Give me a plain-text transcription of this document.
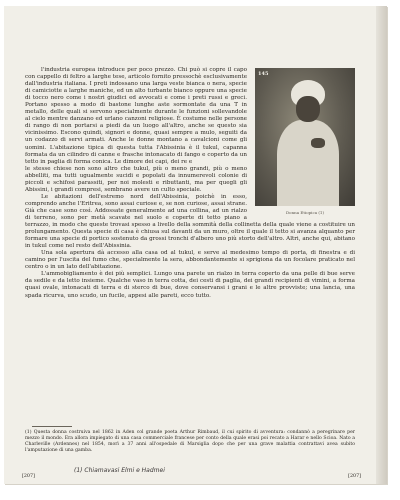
145
Donna Etiopica (1)

l'industria europea introduce per poco prezzo. Chi può si copre il capo con cappello di feltro a larghe tese, articolo fornito pressochè esclusivamente dall'industria italiana. I preti indossano una larga veste bianca o nera, specie di camiciotte a larghe maniche, ed un alto turbante bianco oppure una specie di tocco nero come i nostri giudici ed avvocati e come i preti russi e greci. Portano spesso a modo di bastone lunghe aste sormontate da una T in metallo, delle quali si servono specialmente durante le funzioni sollevandole al cielo mentre danzano ed urlano canzoni religiose. È costume nelle persone di rango di non portarsi a piedi da un luogo all'altro, anche se questo sia vicinissimo. Escono quindi, signori e donne, quasi sempre a mulo, seguiti da un codazzo di servi armati. Anche le donne montano a cavalcioni come gli uomini. L'abitazione tipica di questa tutta l'Abissinia è il tukul, capanna formata da un cilindro di canne e frasche intonacato di fango e coperto da un tetto in paglia di forma conica. Le dimore dei capi, dei re e

le stesse chiese non sono altro che tukul, più o meno grandi, più o meno abbelliti, ma tutti ugualmente sucidi e popolati da innumerevoli colonie di piccoli e schifosi parassiti, per noi molesti e ributtanti, ma per quegli gli Abissini, i grandi compresi, sembrano avere un culto speciale.

Le abitazioni dell'estremo nord dell'Abissinia, poichè in esso, comprendo anche l'Eritrea, sono assai curiose e, se non curiose, assai strane. Già che case sono così. Addossate generalmente ad una collina, ad un rialzo di terreno, sono per metà scavate nel suolo e coperte di tetto piano a terrazzo, in modo che queste trovasi spesso a livello della sommità della collinetta della quale viene a costituire un prolungamento. Questa specie di casa è chiusa sul davanti da un muro, oltre il quale il tetto si avanza alquanto per formare una specie di portico sostenuto da grossi tronchi d'albero uno più storto dell'altro. Altri, anche qui, abitano in tukul come nel resto dell'Abissinia.

Una sola apertura dà accesso alla casa od al tukul, e serve al medesimo tempo di porta, di finestra e di camino per l'uscita del fumo che, specialmente la sera, abbondantemente si sprigiona da un focolare praticato nel centro o in un lato dell'abitazione.

L'ammobigliamento è dei più semplici. Lungo una parete un rialzo in terra coperto da una pelle di bue serve da sedile e da letto insieme. Qualche vaso in terra cotta, dei cesti di paglia, dei grandi recipienti di vimini, a forma quasi ovale, intonacati di terra e di sterco di bue, dove conservansi i grani e le altre provviste; una lancia, una spada ricurva, uno scudo, un fucile, appesi alle pareti, ecco tutto.

(1) Questa donna costruiva nel 1862 in Aden col grande poeta Arthur Rimbaud, il cui spirito di avventura: condannò a peregrinare per mezzo il mondo. Era allora impiegato di una casa commerciale francese per conto della quale erasi poi recato a Harar e nello Scioa. Nato a Charleville (Ardennes) nel 1854, morì a 37 anni all'ospedale di Marsiglia dopo che per una grave malattia contrattavi avea subito l'amputazione di una gamba.
(1) Chiamavasi Elmi e Hadmei
[207]	[207]
